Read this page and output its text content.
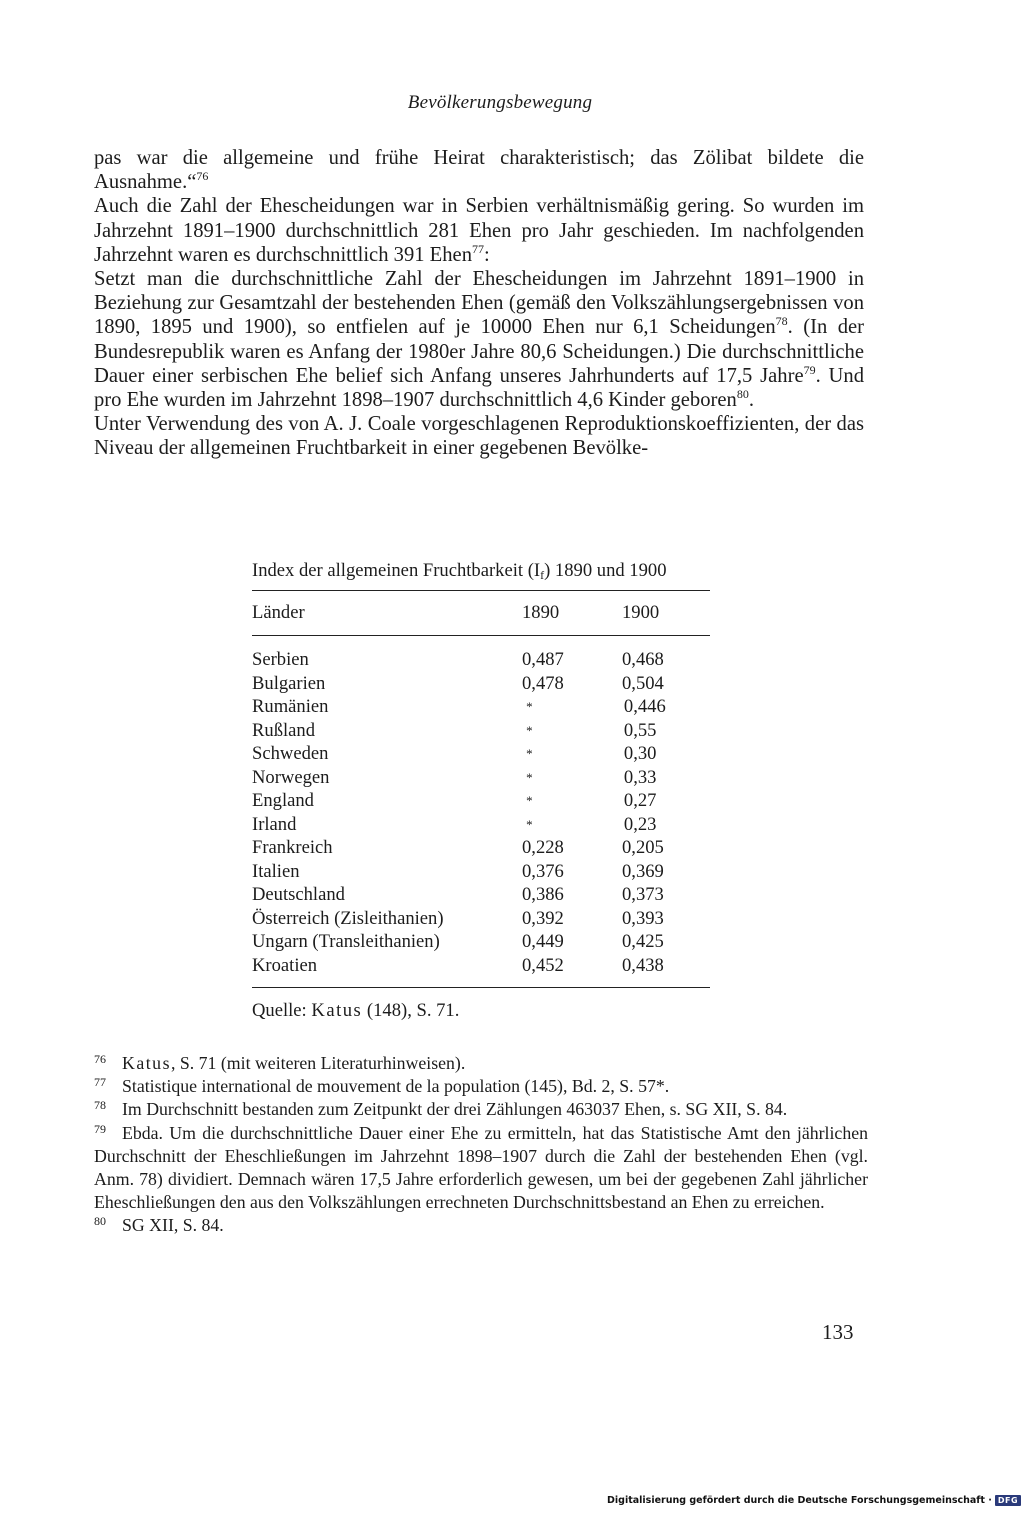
Bevölkerungsbewegung

pas war die allgemeine und frühe Heirat charakteristisch; das Zölibat bildete die Ausnahme.“$^{76}$

Auch die Zahl der Ehescheidungen war in Serbien verhältnismäßig gering. So wurden im Jahrzehnt 1891–1900 durchschnittlich 281 Ehen pro Jahr geschieden. Im nachfolgenden Jahrzehnt waren es durchschnittlich 391 Ehen$^{77}$:

Setzt man die durchschnittliche Zahl der Ehescheidungen im Jahrzehnt 1891–1900 in Beziehung zur Gesamtzahl der bestehenden Ehen (gemäß den Volkszählungsergebnissen von 1890, 1895 und 1900), so entfielen auf je 10000 Ehen nur 6,1 Scheidungen$^{78}$. (In der Bundesrepublik waren es Anfang der 1980er Jahre 80,6 Scheidungen.) Die durchschnittliche Dauer einer serbischen Ehe belief sich Anfang unseres Jahrhunderts auf 17,5 Jahre$^{79}$. Und pro Ehe wurden im Jahrzehnt 1898–1907 durchschnittlich 4,6 Kinder geboren$^{80}$.

Unter Verwendung des von A. J. Coale vorgeschlagenen Reproduktionskoeffizienten, der das Niveau der allgemeinen Fruchtbarkeit in einer gegebenen Bevölke-

Index der allgemeinen Fruchtbarkeit $(I_f)$ 1890 und 1900
Länder	1890	1900
Serbien	0,487	0,468
Bulgarien	0,478	0,504
Rumänien	*	0,446
Rußland	*	0,55
Schweden	*	0,30
Norwegen	*	0,33
England	*	0,27
Irland	*	0,23
Frankreich	0,228	0,205
Italien	0,376	0,369
Deutschland	0,386	0,373
Österreich (Zisleithanien)	0,392	0,393
Ungarn (Transleithanien)	0,449	0,425
Kroatien	0,452	0,438
Quelle: Katus (148), S. 71.

$^{76}$ Katus, S. 71 (mit weiteren Literaturhinweisen).

$^{77}$ Statistique international de mouvement de la population (145), Bd. 2, S. 57*.

$^{78}$ Im Durchschnitt bestanden zum Zeitpunkt der drei Zählungen 463037 Ehen, s. SG XII, S. 84.

$^{79}$ Ebda. Um die durchschnittliche Dauer einer Ehe zu ermitteln, hat das Statistische Amt den jährlichen Durchschnitt der Eheschließungen im Jahrzehnt 1898–1907 durch die Zahl der bestehenden Ehen (vgl. Anm. 78) dividiert. Demnach wären 17,5 Jahre erforderlich gewesen, um bei der gegebenen Zahl jährlicher Eheschließungen den aus den Volkszählungen errechneten Durchschnittsbestand an Ehen zu erreichen.

$^{80}$ SG XII, S. 84.

133
Digitalisierung gefördert durch die Deutsche Forschungsgemeinschaft · DFG
